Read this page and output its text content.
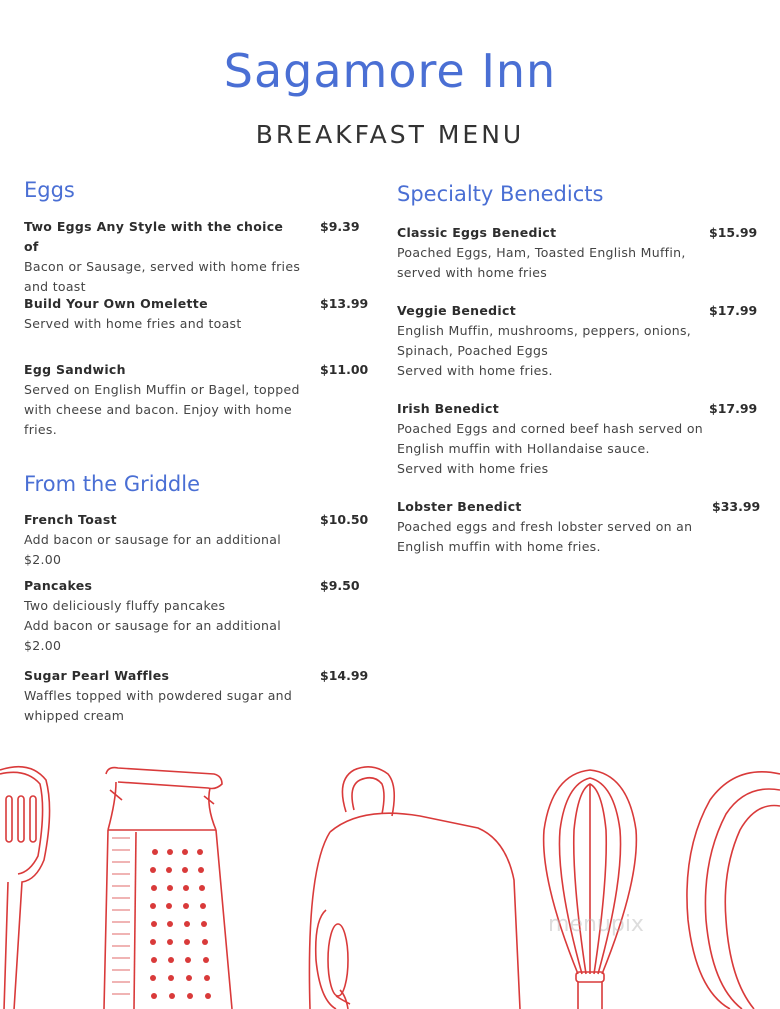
Sagamore Inn
BREAKFAST MENU
Eggs
Two Eggs Any Style with the choice of
$9.39
Bacon or Sausage, served with home fries and toast
Build Your Own Omelette	$13.99
Served with home fries and toast
Egg Sandwich	$11.00
Served on English Muffin or Bagel, topped with cheese and bacon. Enjoy with home fries.
From the Griddle
French Toast	$10.50
Add bacon or sausage for an additional $2.00
Pancakes	$9.50
Two deliciously fluffy pancakes
Add bacon or sausage for an additional $2.00
Sugar Pearl Waffles	$14.99
Waffles topped with powdered sugar and whipped cream
Specialty Benedicts
Classic Eggs Benedict	$15.99
Poached Eggs, Ham, Toasted English Muffin, served with home fries
Veggie Benedict	$17.99
English Muffin, mushrooms, peppers, onions, Spinach, Poached Eggs
Served with home fries.
Irish Benedict	$17.99
Poached Eggs and corned beef hash served on English muffin with Hollandaise sauce.
Served with home fries
Lobster Benedict	$33.99
Poached eggs and fresh lobster served on an English muffin with home fries.
menupix
